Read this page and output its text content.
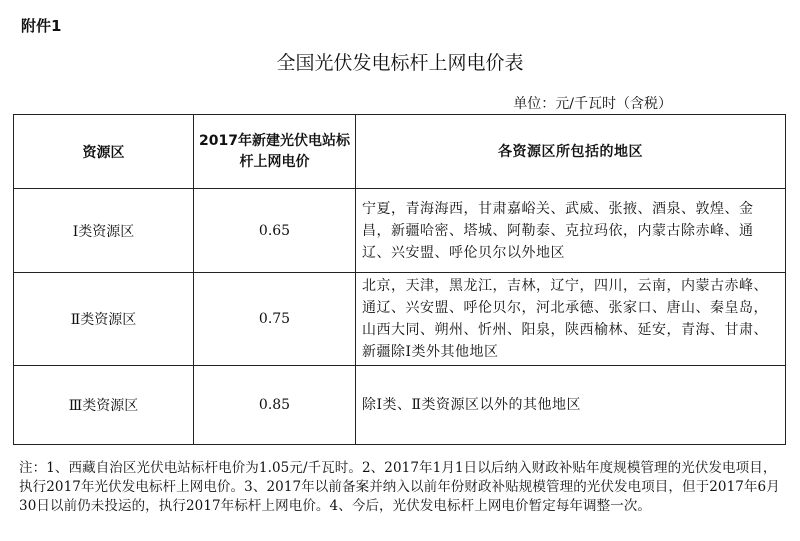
附件1
全国光伏发电标杆上网电价表
单位：元/千瓦时（含税）
资源区	2017年新建光伏电站标杆上网电价	各资源区所包括的地区
Ⅰ类资源区	0.65	宁夏，青海海西，甘肃嘉峪关、武威、张掖、酒泉、敦煌、金昌，新疆哈密、塔城、阿勒泰、克拉玛依，内蒙古除赤峰、通辽、兴安盟、呼伦贝尔以外地区
Ⅱ类资源区	0.75	北京，天津，黑龙江，吉林，辽宁，四川，云南，内蒙古赤峰、通辽、兴安盟、呼伦贝尔，河北承德、张家口、唐山、秦皇岛，山西大同、朔州、忻州、阳泉，陕西榆林、延安，青海、甘肃、新疆除Ⅰ类外其他地区
Ⅲ类资源区	0.85	除Ⅰ类、Ⅱ类资源区以外的其他地区
注：1、西藏自治区光伏电站标杆电价为1.05元/千瓦时。2、2017年1月1日以后纳入财政补贴年度规模管理的光伏发电项目，执行2017年光伏发电标杆上网电价。3、2017年以前备案并纳入以前年份财政补贴规模管理的光伏发电项目，但于2017年6月30日以前仍未投运的，执行2017年标杆上网电价。4、今后，光伏发电标杆上网电价暂定每年调整一次。
